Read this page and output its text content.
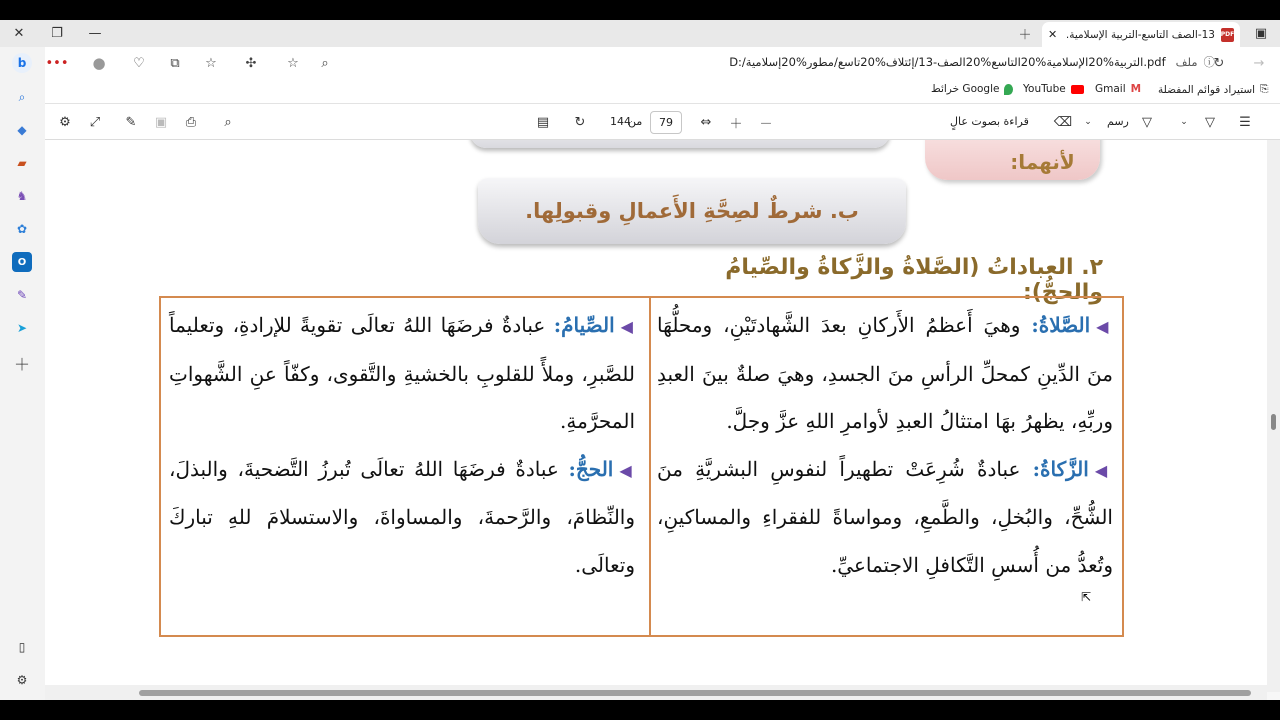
✕	❐	—	＋	✕ 13-الصف التاسع-التربية الإسلامية. PDF	▣
b
⌕
◆
▰
♞
✿
O
✎
➤
＋
▯
⚙
••• ●	♡	⧉	☆	✣	☆	⌕	D:/التربية%20الإسلامية%20التاسع%20الصف-13/إئتلاف%20تاسع/مطور%20إسلامية.pdf ملف ⓘ
↻	→
استيراد قوائم المفضلة ⎘
Gmail M
YouTube
خرائط Google
⚙	⤢	✎	▣	⎙	⌕	▤	↻	144
من	79	⇔	＋ －	قراءة بصوت عالٍ ⌫	⌄ رسم	▽	⌄	▽	☰
لأنهما:
ب. شرطٌ لصِحَّةِ الأَعمالِ وقبولِها.
٢. العباداتُ (الصَّلاةُ والزَّكاةُ والصِّيامُ والحجُّ):
◀الصَّلاةُ: وهيَ أَعظمُ الأَركانِ بعدَ الشَّهادتَيْنِ، ومحلُّهَا منَ الدِّينِ كمحلِّ الرأسِ منَ الجسدِ، وهيَ صلةٌ بينَ العبدِ وربِّهِ، يظهرُ بهَا امتثالُ العبدِ لأوامرِ اللهِ عزَّ وجلَّ.
◀الزَّكاةُ: عبادةٌ شُرِعَتْ تطهيراً لنفوسِ البشريَّةِ منَ الشُّحِّ، والبُخلِ، والطَّمعِ، ومواساةً للفقراءِ والمساكينِ، وتُعدُّ من أُسسِ التَّكافلِ الاجتماعيِّ.
◀الصِّيامُ: عبادةٌ فرضَهَا اللهُ تعالَى تقويةً للإرادةِ، وتعليماً للصَّبرِ، وملأً للقلوبِ بالخشيةِ والتَّقوى، وكفّاً عنِ الشَّهواتِ المحرَّمةِ.
◀الحجُّ: عبادةٌ فرضَهَا اللهُ تعالَى تُبرزُ التَّضحيةَ، والبذلَ، والنِّظامَ، والرَّحمةَ، والمساواةَ، والاستسلامَ للهِ تباركَ وتعالَى.
⇱
